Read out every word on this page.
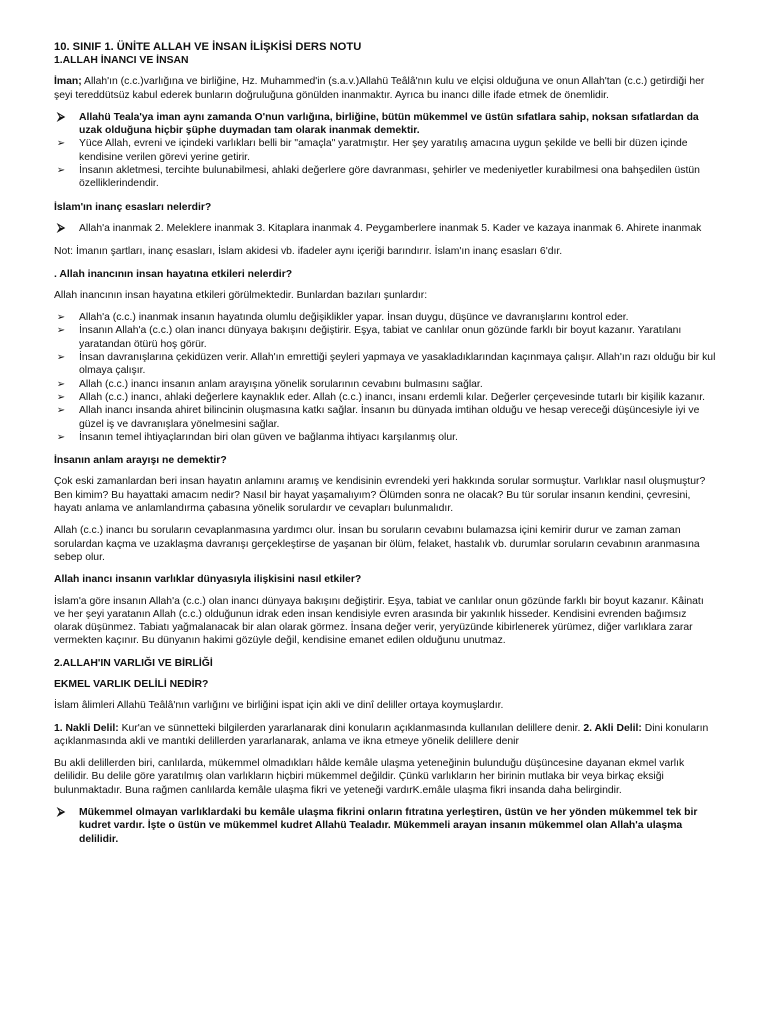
10. SINIF 1. ÜNİTE ALLAH VE İNSAN İLİŞKİSİ DERS NOTU

1.ALLAH İNANCI VE İNSAN

İman; Allah'ın (c.c.)varlığına ve birliğine, Hz. Muhammed'in (s.a.v.)Allahü Teâlâ'nın kulu ve elçisi olduğuna ve onun Allah'tan (c.c.) getirdiği her şeyi tereddütsüz kabul ederek bunların doğruluğuna gönülden inanmaktır. Ayrıca bu inancı dille ifade etmek de önemlidir.

⮚ Allahü Teala'ya iman aynı zamanda O'nun varlığına, birliğine, bütün mükemmel ve üstün sıfatlara sahip, noksan sıfatlardan da uzak olduğuna hiçbir şüphe duymadan tam olarak inanmak demektir.
➢ Yüce Allah, evreni ve içindeki varlıkları belli bir "amaçla" yaratmıştır. Her şey yaratılış amacına uygun şekilde ve belli bir düzen içinde kendisine verilen görevi yerine getirir.
➢ İnsanın akletmesi, tercihte bulunabilmesi, ahlaki değerlere göre davranması, şehirler ve medeniyetler kurabilmesi ona bahşedilen üstün özelliklerindendir.

İslam'ın inanç esasları nelerdir?

⮚ Allah'a inanmak 2. Meleklere inanmak 3. Kitaplara inanmak 4. Peygamberlere inanmak 5. Kader ve kazaya inanmak 6. Ahirete inanmak

Not: İmanın şartları, inanç esasları, İslam akidesi vb. ifadeler aynı içeriği barındırır. İslam'ın inanç esasları 6'dır.

. Allah inancının insan hayatına etkileri nelerdir?

Allah inancının insan hayatına etkileri görülmektedir. Bunlardan bazıları şunlardır:

➢ Allah'a (c.c.) inanmak insanın hayatında olumlu değişiklikler yapar. İnsan duygu, düşünce ve davranışlarını kontrol eder.
➢ İnsanın Allah'a (c.c.) olan inancı dünyaya bakışını değiştirir. Eşya, tabiat ve canlılar onun gözünde farklı bir boyut kazanır. Yaratılanı yaratandan ötürü hoş görür.
➢ İnsan davranışlarına çekidüzen verir. Allah'ın emrettiği şeyleri yapmaya ve yasakladıklarından kaçınmaya çalışır. Allah'ın razı olduğu bir kul olmaya çalışır.
➢ Allah (c.c.) inancı insanın anlam arayışına yönelik sorularının cevabını bulmasını sağlar.
➢ Allah (c.c.) inancı, ahlaki değerlere kaynaklık eder. Allah (c.c.) inancı, insanı erdemli kılar. Değerler çerçevesinde tutarlı bir kişilik kazanır.
➢ Allah inancı insanda ahiret bilincinin oluşmasına katkı sağlar. İnsanın bu dünyada imtihan olduğu ve hesap vereceği düşüncesiyle iyi ve güzel iş ve davranışlara yönelmesini sağlar.
➢ İnsanın temel ihtiyaçlarından biri olan güven ve bağlanma ihtiyacı karşılanmış olur.

İnsanın anlam arayışı ne demektir?

Çok eski zamanlardan beri insan hayatın anlamını aramış ve kendisinin evrendeki yeri hakkında sorular sormuştur. Varlıklar nasıl oluşmuştur? Ben kimim? Bu hayattaki amacım nedir? Nasıl bir hayat yaşamalıyım? Ölümden sonra ne olacak? Bu tür sorular insanın kendini, çevresini, hayatı anlama ve anlamlandırma çabasına yönelik sorulardır ve cevapları bulunmalıdır.

Allah (c.c.) inancı bu soruların cevaplanmasına yardımcı olur. İnsan bu soruların cevabını bulamazsa içini kemirir durur ve zaman zaman sorulardan kaçma ve uzaklaşma davranışı gerçekleştirse de yaşanan bir ölüm, felaket, hastalık vb. durumlar soruların cevabının aranmasına sebep olur.

Allah inancı insanın varlıklar dünyasıyla ilişkisini nasıl etkiler?

İslam'a göre insanın Allah'a (c.c.) olan inancı dünyaya bakışını değiştirir. Eşya, tabiat ve canlılar onun gözünde farklı bir boyut kazanır. Kâinatı ve her şeyi yaratanın Allah (c.c.) olduğunun idrak eden insan kendisiyle evren arasında bir yakınlık hisseder. Kendisini evrenden bağımsız olarak düşünmez. Tabiatı yağmalanacak bir alan olarak görmez. İnsana değer verir, yeryüzünde kibirlenerek yürümez, diğer varlıklara zarar vermekten kaçınır. Bu dünyanın hakimi gözüyle değil, kendisine emanet edilen olduğunu unutmaz.

2.ALLAH'IN VARLIĞI VE BİRLİĞİ

EKMEL VARLIK DELİLİ NEDİR?

İslam âlimleri Allahü Teâlâ'nın varlığını ve birliğini ispat için akli ve dinî deliller ortaya koymuşlardır.

1. Nakli Delil: Kur'an ve sünnetteki bilgilerden yararlanarak dini konuların açıklanmasında kullanılan delillere denir. 2. Akli Delil: Dini konuların açıklanmasında akli ve mantıki delillerden yararlanarak, anlama ve ikna etmeye yönelik delillere denir

Bu akli delillerden biri, canlılarda, mükemmel olmadıkları hâlde kemâle ulaşma yeteneğinin bulunduğu düşüncesine dayanan ekmel varlık delilidir. Bu delile göre yaratılmış olan varlıkların hiçbiri mükemmel değildir. Çünkü varlıkların her birinin mutlaka bir veya birkaç eksiği bulunmaktadır. Buna rağmen canlılarda kemâle ulaşma fikri ve yeteneği vardırK.emâle ulaşma fikri insanda daha belirgindir.

⮚ Mükemmel olmayan varlıklardaki bu kemâle ulaşma fikrini onların fıtratına yerleştiren, üstün ve her yönden mükemmel tek bir kudret vardır. İşte o üstün ve mükemmel kudret Allahü Tealadır. Mükemmeli arayan insanın mükemmel olan Allah'a ulaşma delilidir.
